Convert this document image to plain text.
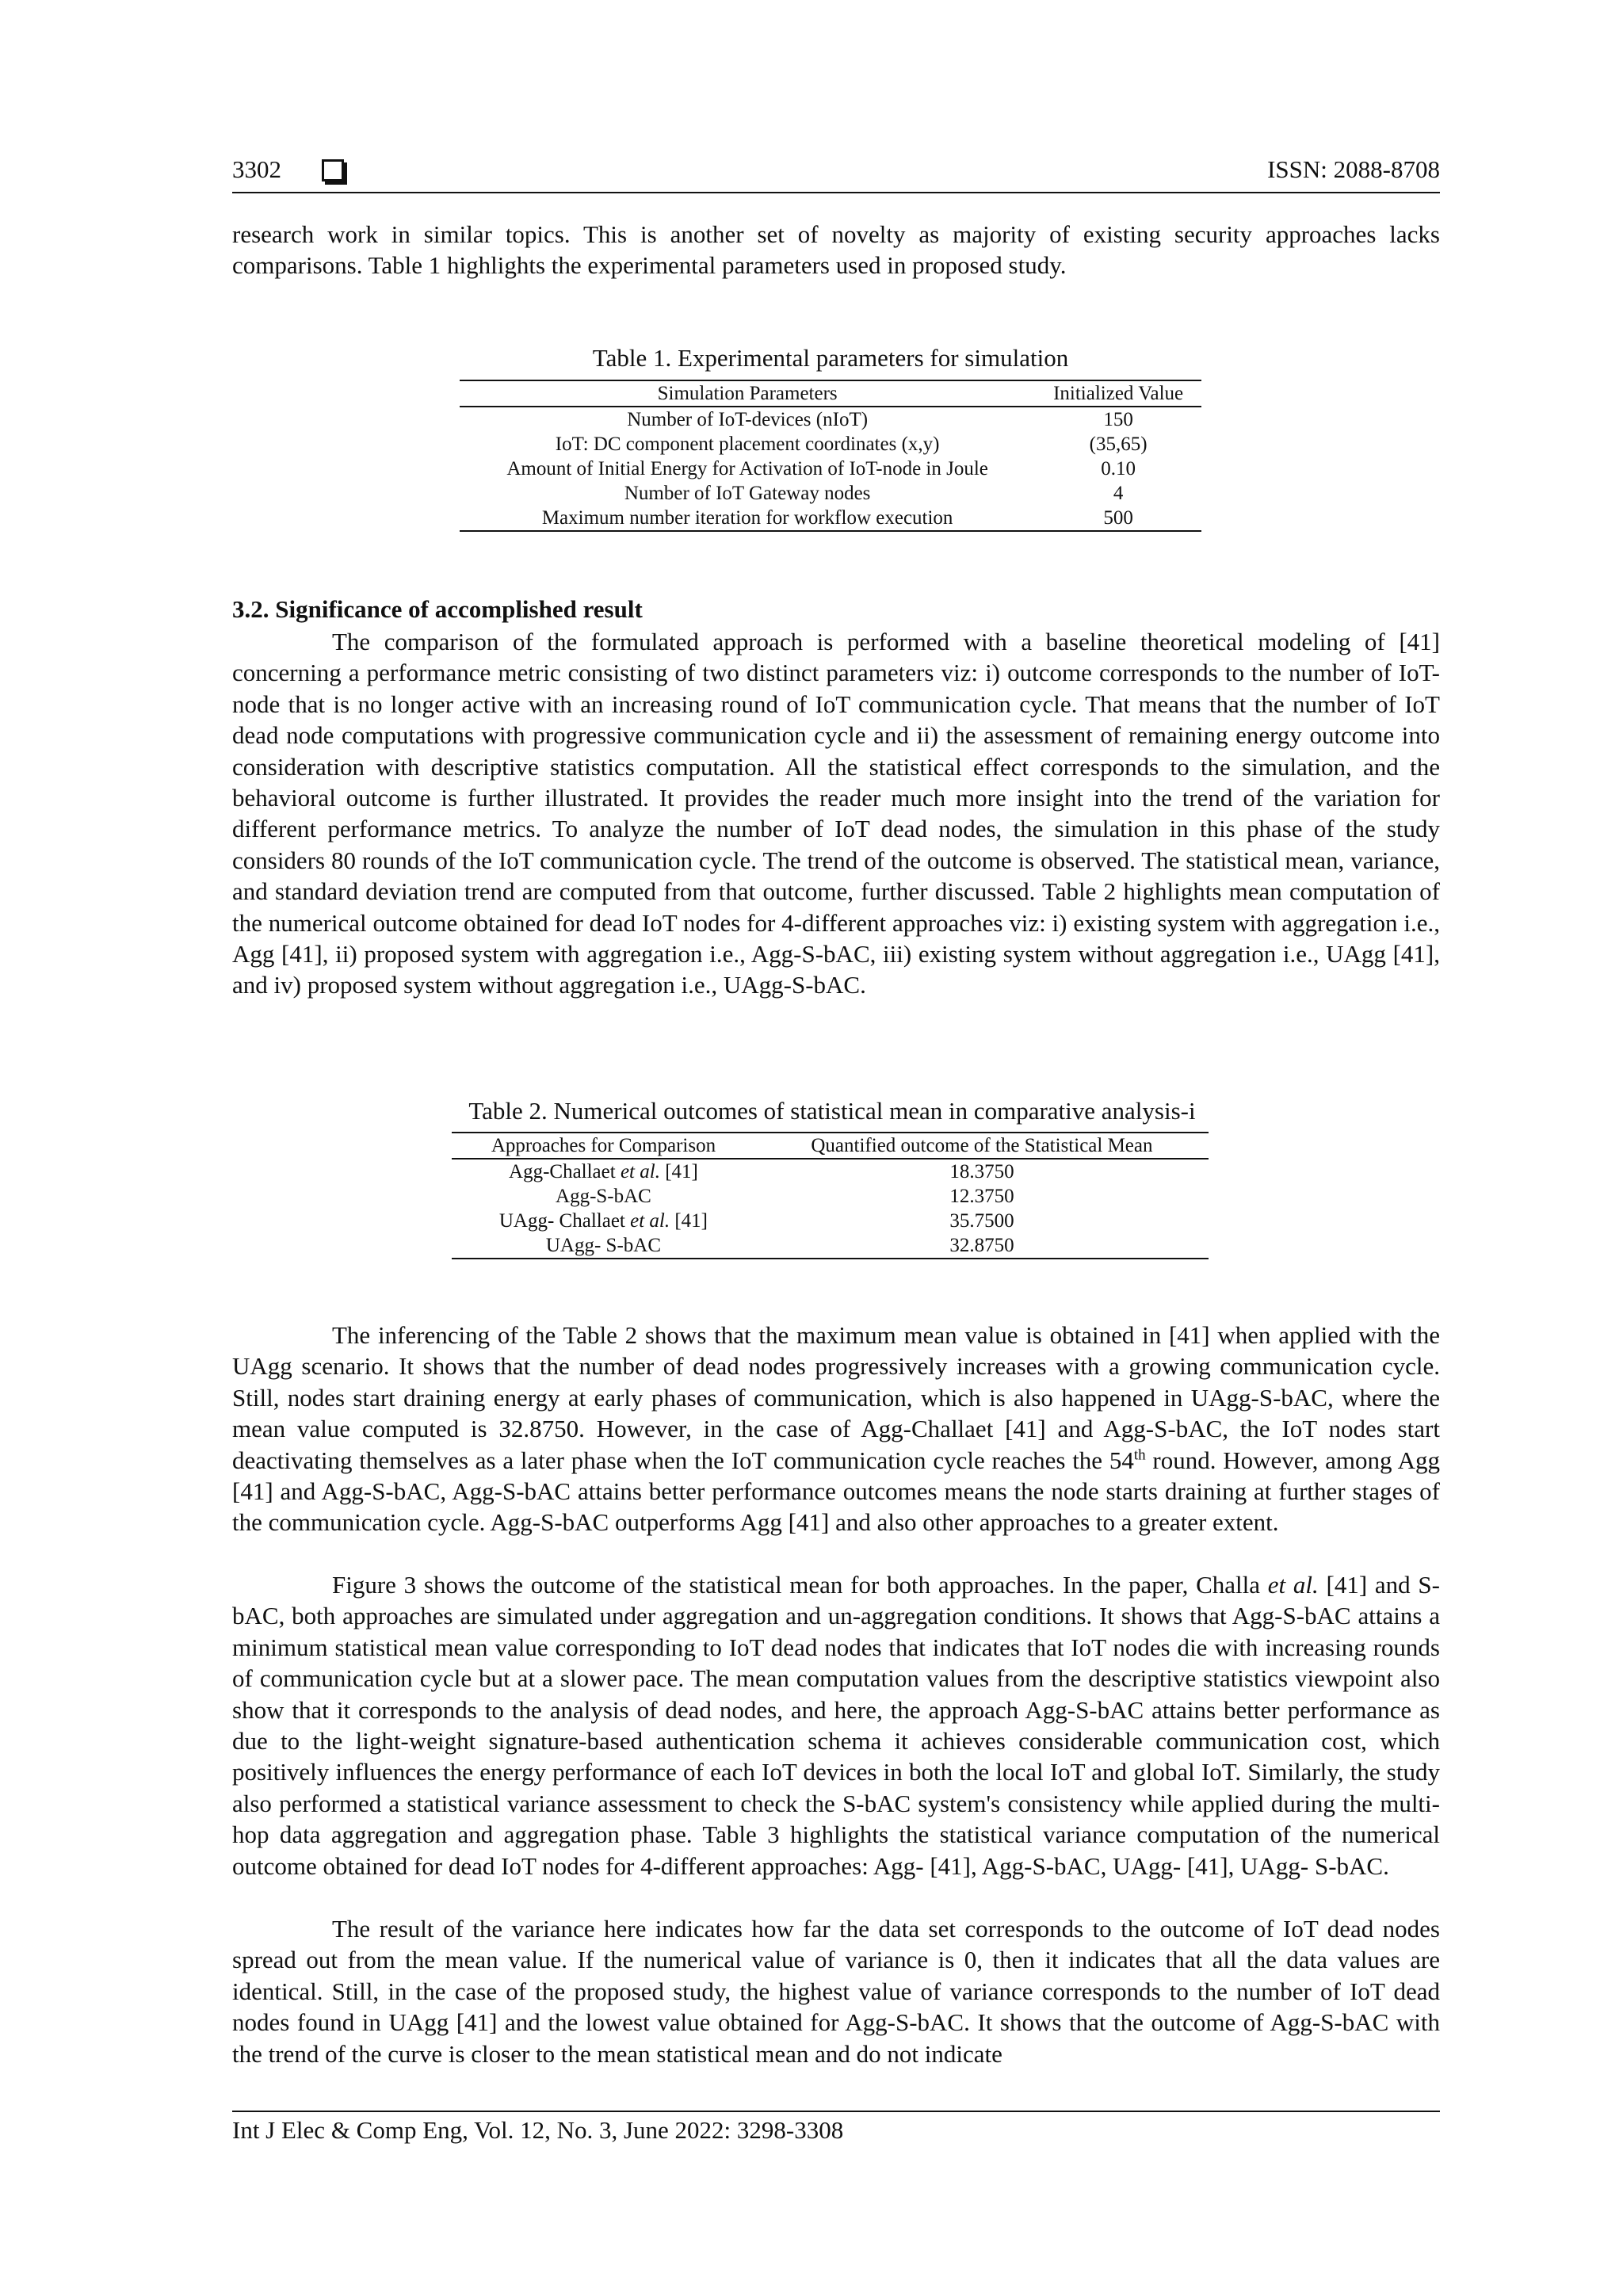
3302	ISSN: 2088-8708

research work in similar topics. This is another set of novelty as majority of existing security approaches lacks comparisons. Table 1 highlights the experimental parameters used in proposed study.

Table 1. Experimental parameters for simulation
Simulation Parameters	Initialized Value
Number of IoT-devices (nIoT)	150
IoT: DC component placement coordinates (x,y)	(35,65)
Amount of Initial Energy for Activation of IoT-node in Joule	0.10
Number of IoT Gateway nodes	4
Maximum number iteration for workflow execution	500
3.2. Significance of accomplished result

The comparison of the formulated approach is performed with a baseline theoretical modeling of [41] concerning a performance metric consisting of two distinct parameters viz: i) outcome corresponds to the number of IoT-node that is no longer active with an increasing round of IoT communication cycle. That means that the number of IoT dead node computations with progressive communication cycle and ii) the assessment of remaining energy outcome into consideration with descriptive statistics computation. All the statistical effect corresponds to the simulation, and the behavioral outcome is further illustrated. It provides the reader much more insight into the trend of the variation for different performance metrics. To analyze the number of IoT dead nodes, the simulation in this phase of the study considers 80 rounds of the IoT communication cycle. The trend of the outcome is observed. The statistical mean, variance, and standard deviation trend are computed from that outcome, further discussed. Table 2 highlights mean computation of the numerical outcome obtained for dead IoT nodes for 4-different approaches viz: i) existing system with aggregation i.e., Agg [41], ii) proposed system with aggregation i.e., Agg-S-bAC, iii) existing system without aggregation i.e., UAgg [41], and iv) proposed system without aggregation i.e., UAgg-S-bAC.

Table 2. Numerical outcomes of statistical mean in comparative analysis-i
Approaches for Comparison	Quantified outcome of the Statistical Mean
Agg-Challaet et al. [41]	18.3750
Agg-S-bAC	12.3750
UAgg- Challaet et al. [41]	35.7500
UAgg- S-bAC	32.8750

The inferencing of the Table 2 shows that the maximum mean value is obtained in [41] when applied with the UAgg scenario. It shows that the number of dead nodes progressively increases with a growing communication cycle. Still, nodes start draining energy at early phases of communication, which is also happened in UAgg-S-bAC, where the mean value computed is 32.8750. However, in the case of Agg-Challaet [41] and Agg-S-bAC, the IoT nodes start deactivating themselves as a later phase when the IoT communication cycle reaches the 54th round. However, among Agg [41] and Agg-S-bAC, Agg-S-bAC attains better performance outcomes means the node starts draining at further stages of the communication cycle. Agg-S-bAC outperforms Agg [41] and also other approaches to a greater extent.

Figure 3 shows the outcome of the statistical mean for both approaches. In the paper, Challa et al. [41] and S-bAC, both approaches are simulated under aggregation and un-aggregation conditions. It shows that Agg-S-bAC attains a minimum statistical mean value corresponding to IoT dead nodes that indicates that IoT nodes die with increasing rounds of communication cycle but at a slower pace. The mean computation values from the descriptive statistics viewpoint also show that it corresponds to the analysis of dead nodes, and here, the approach Agg-S-bAC attains better performance as due to the light-weight signature-based authentication schema it achieves considerable communication cost, which positively influences the energy performance of each IoT devices in both the local IoT and global IoT. Similarly, the study also performed a statistical variance assessment to check the S-bAC system's consistency while applied during the multi-hop data aggregation and aggregation phase. Table 3 highlights the statistical variance computation of the numerical outcome obtained for dead IoT nodes for 4-different approaches: Agg- [41], Agg-S-bAC, UAgg- [41], UAgg- S-bAC.

The result of the variance here indicates how far the data set corresponds to the outcome of IoT dead nodes spread out from the mean value. If the numerical value of variance is 0, then it indicates that all the data values are identical. Still, in the case of the proposed study, the highest value of variance corresponds to the number of IoT dead nodes found in UAgg [41] and the lowest value obtained for Agg-S-bAC. It shows that the outcome of Agg-S-bAC with the trend of the curve is closer to the mean statistical mean and do not indicate

Int J Elec & Comp Eng, Vol. 12, No. 3, June 2022: 3298-3308
